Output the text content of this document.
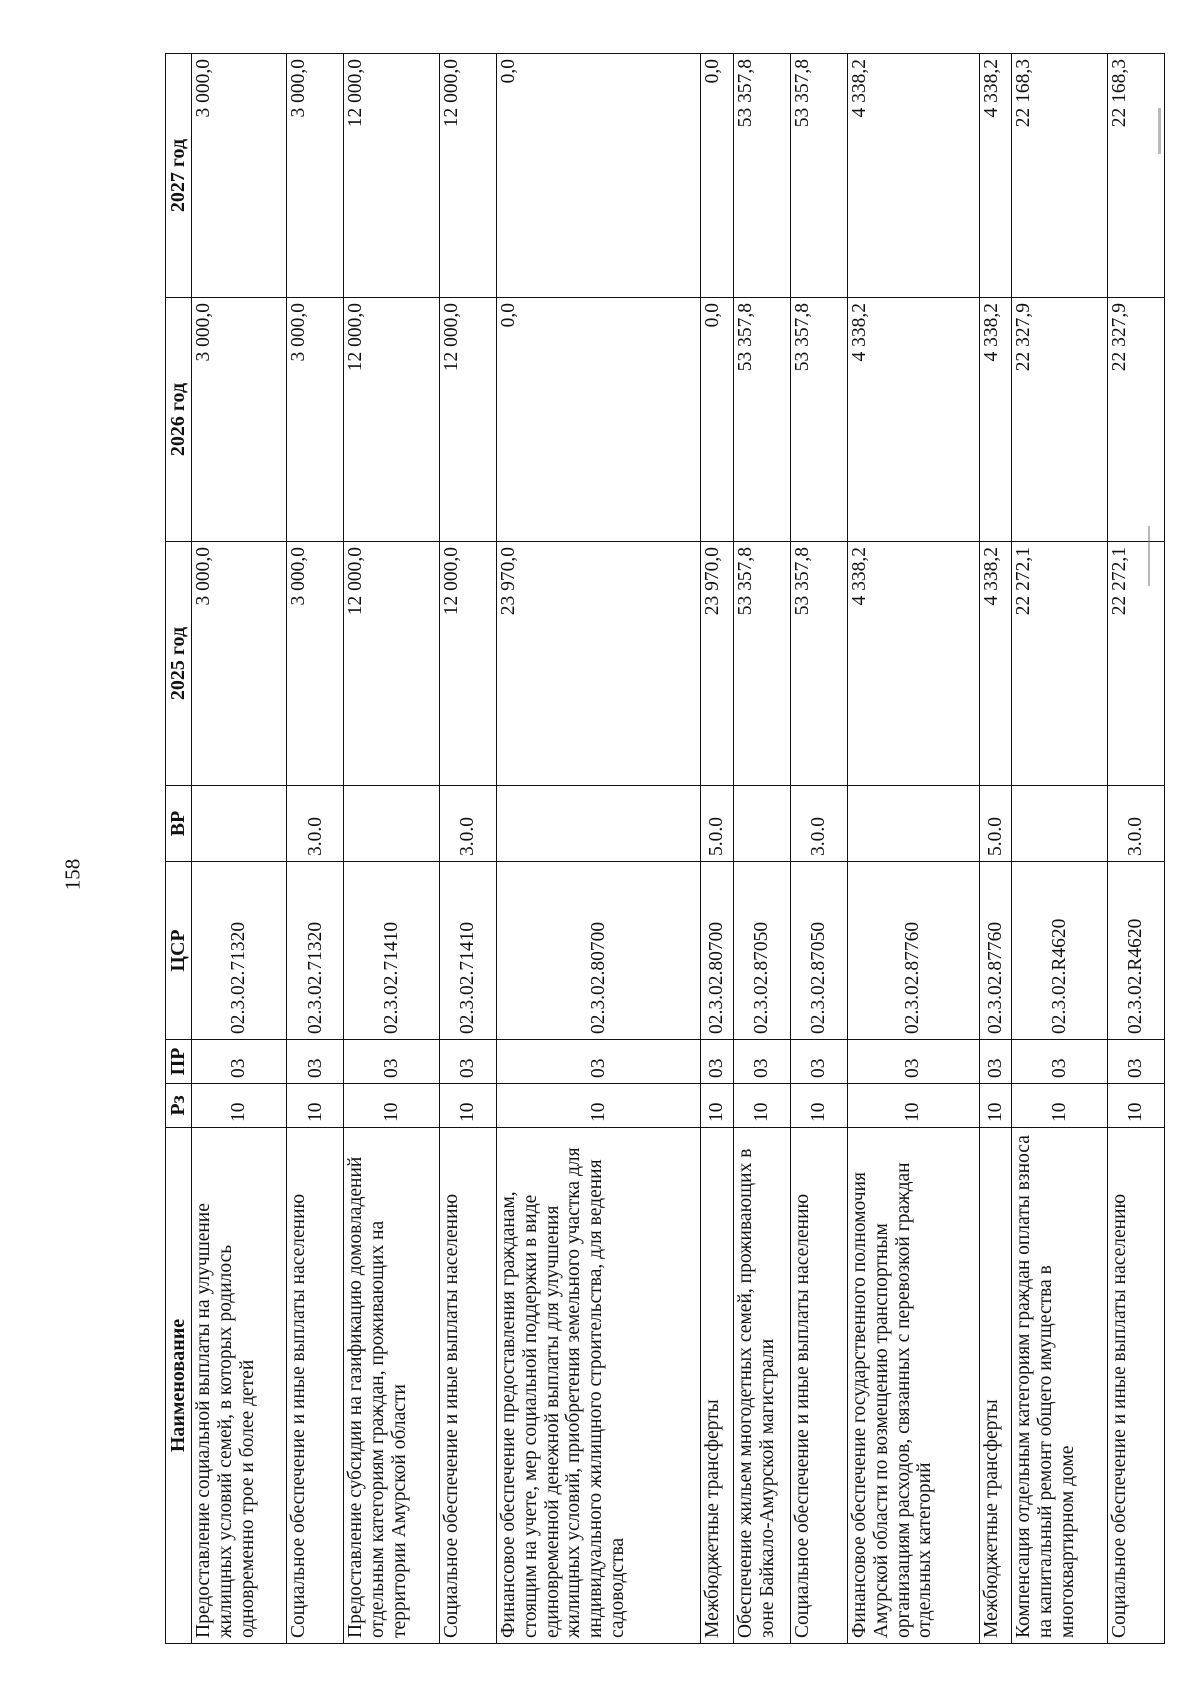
158
Наименование	Рз	ПР	ЦСР	ВР	2025 год	2026 год	2027 год
Предоставление социальной выплаты на улучшение жилищных условий семей, в которых родилось одновременно трое и более детей	10	03	02.3.02.71320		3 000,0	3 000,0	3 000,0
Социальное обеспечение и иные выплаты населению	10	03	02.3.02.71320	3.0.0	3 000,0	3 000,0	3 000,0
Предоставление субсидии на газификацию домовладений отдельным категориям граждан, проживающих на территории Амурской области	10	03	02.3.02.71410		12 000,0	12 000,0	12 000,0
Социальное обеспечение и иные выплаты населению	10	03	02.3.02.71410	3.0.0	12 000,0	12 000,0	12 000,0
Финансовое обеспечение предоставления гражданам, стоящим на учете, мер социальной поддержки в виде единовременной денежной выплаты для улучшения жилищных условий, приобретения земельного участка для индивидуального жилищного строительства, для ведения садоводства	10	03	02.3.02.80700		23 970,0	0,0	0,0
Межбюджетные трансферты	10	03	02.3.02.80700	5.0.0	23 970,0	0,0	0,0
Обеспечение жильем многодетных семей, проживающих в зоне Байкало-Амурской магистрали	10	03	02.3.02.87050		53 357,8	53 357,8	53 357,8
Социальное обеспечение и иные выплаты населению	10	03	02.3.02.87050	3.0.0	53 357,8	53 357,8	53 357,8
Финансовое обеспечение государственного полномочия Амурской области по возмещению транспортным организациям расходов, связанных с перевозкой граждан отдельных категорий	10	03	02.3.02.87760		4 338,2	4 338,2	4 338,2
Межбюджетные трансферты	10	03	02.3.02.87760	5.0.0	4 338,2	4 338,2	4 338,2
Компенсация отдельным категориям граждан оплаты взноса на капитальный ремонт общего имущества в многоквартирном доме	10	03	02.3.02.R4620		22 272,1	22 327,9	22 168,3
Социальное обеспечение и иные выплаты населению	10	03	02.3.02.R4620	3.0.0	22 272,1	22 327,9	22 168,3
